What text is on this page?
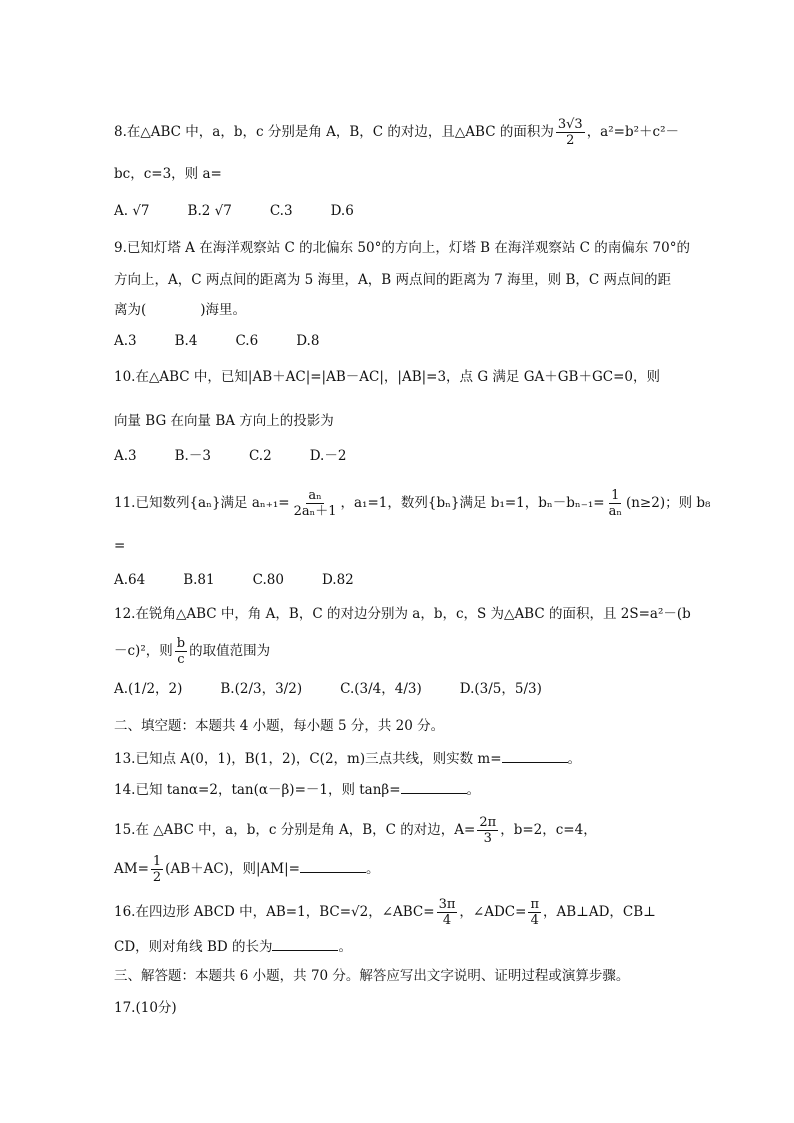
8.在△ABC 中，a，b，c 分别是角 A，B，C 的对边，且△ABC 的面积为 $\frac{3√3}{2}$ ，a²=b²＋c²－
bc，c=3，则 a=
A. √7	B.2 √7	C.3	D.6
9.已知灯塔 A 在海洋观察站 C 的北偏东 50°的方向上，灯塔 B 在海洋观察站 C 的南偏东 70°的
方向上，A，C 两点间的距离为 5 海里，A，B 两点间的距离为 7 海里，则 B，C 两点间的距
离为(　　　　)海里。
A.3	B.4	C.6	D.8
10.在△ABC 中，已知|AB＋AC|=|AB－AC|，|AB|=3，点 G 满足 GA＋GB＋GC=0，则
向量 BG 在向量 BA 方向上的投影为
A.3	B.－3	C.2	D.－2
11.已知数列{aₙ}满足 $a_{n+1}= \frac{\text{aₙ}}{\text{2aₙ＋1}}$ ，a₁=1，数列{bₙ}满足 b₁=1，$b_n-b_{n-1}= \frac{1}{\text{aₙ}} (n\ge 2)$；则 b₈
=
A.64	B.81	C.80	D.82
12.在锐角△ABC 中，角 A，B，C 的对边分别为 a，b，c，S 为△ABC 的面积，且 2S=a²－(b
－c)²，则 $\frac{b}{c}$ 的取值范围为
A.(1/2，2)	B.(2/3，3/2)	C.(3/4，4/3)	D.(3/5，5/3)
二、填空题：本题共 4 小题，每小题 5 分，共 20 分。
13.已知点 A(0，1)，B(1，2)，C(2，m)三点共线，则实数 m=	。
14.已知 tanα=2，tan(α－β)=－1，则 tanβ=	。
15.在 △ABC 中，a，b，c 分别是角 A，B，C 的对边，$A= \frac{2\pi}{3}$ ，b=2，c=4，
$AM= \frac{1}{2} (AB+AC)$，则|AM|=	。
16.在四边形 ABCD 中，AB=1，BC=√2，∠ABC= $\frac{3\pi}{4}$ ，∠ADC= $\frac{\pi}{4}$ ，AB⊥AD，CB⊥
CD，则对角线 BD 的长为	。
三、解答题：本题共 6 小题，共 70 分。解答应写出文字说明、证明过程或演算步骤。
17.(10分)
